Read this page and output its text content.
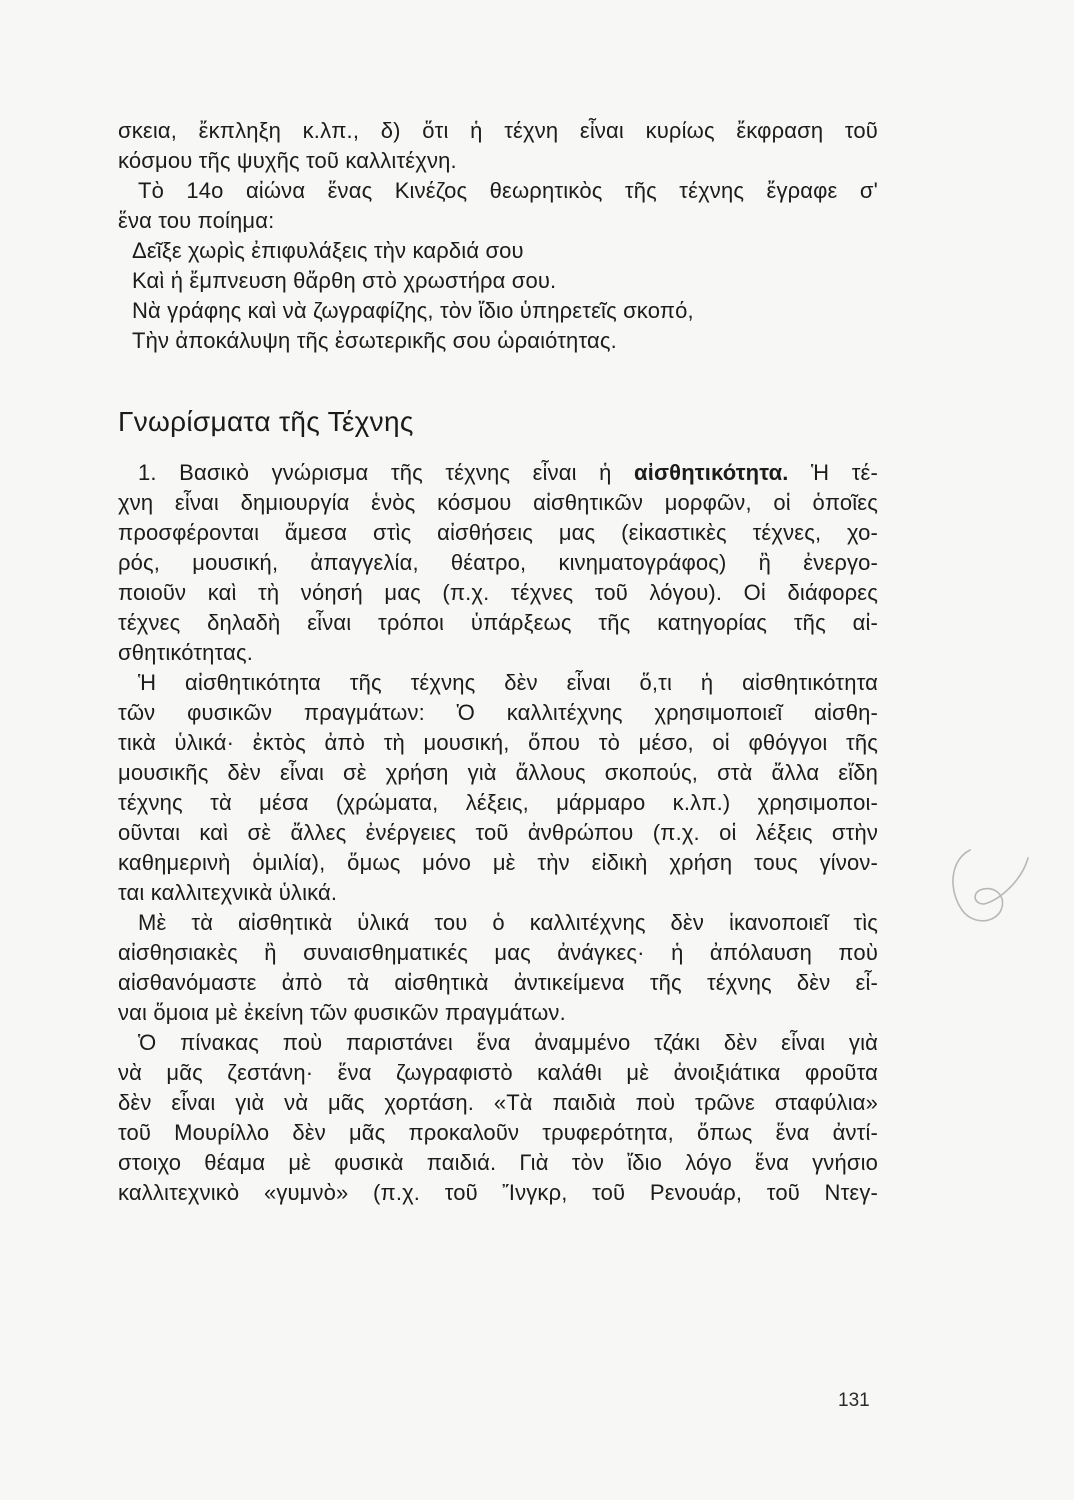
σκεια, ἔκπληξη κ.λπ., δ) ὅτι ἡ τέχνη εἶναι κυρίως ἔκφραση τοῦ
κόσμου τῆς ψυχῆς τοῦ καλλιτέχνη.
Τὸ 14ο αἰώνα ἕνας Κινέζος θεωρητικὸς τῆς τέχνης ἔγραφε σ'
ἕνα του ποίημα:
Δεῖξε χωρὶς ἐπιφυλάξεις τὴν καρδιά σου
Καὶ ἡ ἔμπνευση θἄρθη στὸ χρωστήρα σου.
Νὰ γράφης καὶ νὰ ζωγραφίζης, τὸν ἴδιο ὑπηρετεῖς σκοπό,
Τὴν ἀποκάλυψη τῆς ἐσωτερικῆς σου ὡραιότητας.
Γνωρίσματα τῆς Τέχνης
1. Βασικὸ γνώρισμα τῆς τέχνης εἶναι ἡ αἰσθητικότητα. Ἡ τέ-
χνη εἶναι δημιουργία ἑνὸς κόσμου αἰσθητικῶν μορφῶν, οἱ ὁποῖες
προσφέρονται ἄμεσα στὶς αἰσθήσεις μας (εἰκαστικὲς τέχνες, χο-
ρός, μουσική, ἀπαγγελία, θέατρο, κινηματογράφος) ἢ ἐνεργο-
ποιοῦν καὶ τὴ νόησή μας (π.χ. τέχνες τοῦ λόγου). Οἱ διάφορες
τέχνες δηλαδὴ εἶναι τρόποι ὑπάρξεως τῆς κατηγορίας τῆς αἰ-
σθητικότητας.
Ἡ αἰσθητικότητα τῆς τέχνης δὲν εἶναι ὅ,τι ἡ αἰσθητικότητα
τῶν φυσικῶν πραγμάτων: Ὁ καλλιτέχνης χρησιμοποιεῖ αἰσθη-
τικὰ ὑλικά· ἐκτὸς ἀπὸ τὴ μουσική, ὅπου τὸ μέσο, οἱ φθόγγοι τῆς
μουσικῆς δὲν εἶναι σὲ χρήση γιὰ ἄλλους σκοπούς, στὰ ἄλλα εἴδη
τέχνης τὰ μέσα (χρώματα, λέξεις, μάρμαρο κ.λπ.) χρησιμοποι-
οῦνται καὶ σὲ ἄλλες ἐνέργειες τοῦ ἀνθρώπου (π.χ. οἱ λέξεις στὴν
καθημερινὴ ὁμιλία), ὅμως μόνο μὲ τὴν εἰδικὴ χρήση τους γίνον-
ται καλλιτεχνικὰ ὑλικά.
Μὲ τὰ αἰσθητικὰ ὑλικά του ὁ καλλιτέχνης δὲν ἱκανοποιεῖ τὶς
αἰσθησιακὲς ἢ συναισθηματικές μας ἀνάγκες· ἡ ἀπόλαυση ποὺ
αἰσθανόμαστε ἀπὸ τὰ αἰσθητικὰ ἀντικείμενα τῆς τέχνης δὲν εἶ-
ναι ὅμοια μὲ ἐκείνη τῶν φυσικῶν πραγμάτων.
Ὁ πίνακας ποὺ παριστάνει ἕνα ἀναμμένο τζάκι δὲν εἶναι γιὰ
νὰ μᾶς ζεστάνη· ἕνα ζωγραφιστὸ καλάθι μὲ ἀνοιξιάτικα φροῦτα
δὲν εἶναι γιὰ νὰ μᾶς χορτάση. «Τὰ παιδιὰ ποὺ τρῶνε σταφύλια»
τοῦ Μουρίλλο δὲν μᾶς προκαλοῦν τρυφερότητα, ὅπως ἕνα ἀντί-
στοιχο θέαμα μὲ φυσικὰ παιδιά. Γιὰ τὸν ἴδιο λόγο ἕνα γνήσιο
καλλιτεχνικὸ «γυμνὸ» (π.χ. τοῦ Ἴνγκρ, τοῦ Ρενουάρ, τοῦ Ντεγ-
131
